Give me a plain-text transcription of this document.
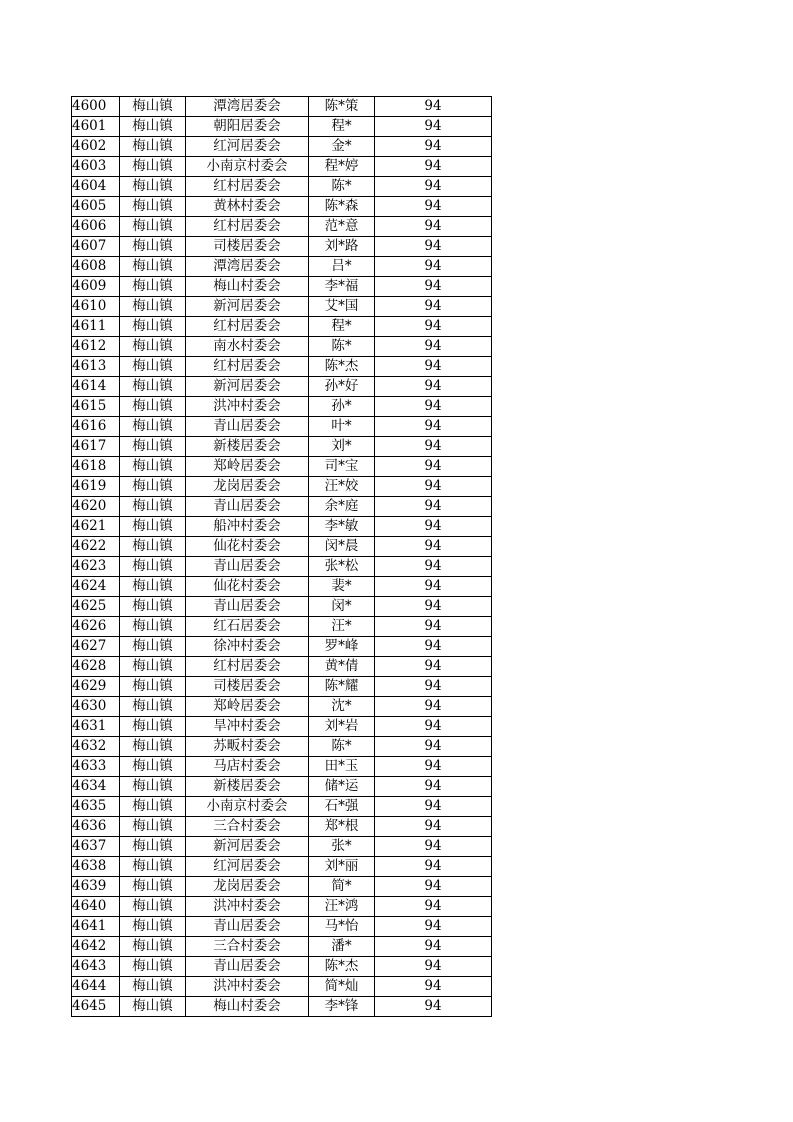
4600	梅山镇	潭湾居委会	陈*策	94
4601	梅山镇	朝阳居委会	程*	94
4602	梅山镇	红河居委会	金*	94
4603	梅山镇	小南京村委会	程*婷	94
4604	梅山镇	红村居委会	陈*	94
4605	梅山镇	黄林村委会	陈*森	94
4606	梅山镇	红村居委会	范*意	94
4607	梅山镇	司楼居委会	刘*路	94
4608	梅山镇	潭湾居委会	吕*	94
4609	梅山镇	梅山村委会	李*福	94
4610	梅山镇	新河居委会	艾*国	94
4611	梅山镇	红村居委会	程*	94
4612	梅山镇	南水村委会	陈*	94
4613	梅山镇	红村居委会	陈*杰	94
4614	梅山镇	新河居委会	孙*好	94
4615	梅山镇	洪冲村委会	孙*	94
4616	梅山镇	青山居委会	叶*	94
4617	梅山镇	新楼居委会	刘*	94
4618	梅山镇	郑岭居委会	司*宝	94
4619	梅山镇	龙岗居委会	汪*姣	94
4620	梅山镇	青山居委会	余*庭	94
4621	梅山镇	船冲村委会	李*敏	94
4622	梅山镇	仙花村委会	闵*晨	94
4623	梅山镇	青山居委会	张*松	94
4624	梅山镇	仙花村委会	裴*	94
4625	梅山镇	青山居委会	闵*	94
4626	梅山镇	红石居委会	汪*	94
4627	梅山镇	徐冲村委会	罗*峰	94
4628	梅山镇	红村居委会	黄*倩	94
4629	梅山镇	司楼居委会	陈*耀	94
4630	梅山镇	郑岭居委会	沈*	94
4631	梅山镇	旱冲村委会	刘*岩	94
4632	梅山镇	苏畈村委会	陈*	94
4633	梅山镇	马店村委会	田*玉	94
4634	梅山镇	新楼居委会	储*运	94
4635	梅山镇	小南京村委会	石*强	94
4636	梅山镇	三合村委会	郑*根	94
4637	梅山镇	新河居委会	张*	94
4638	梅山镇	红河居委会	刘*丽	94
4639	梅山镇	龙岗居委会	简*	94
4640	梅山镇	洪冲村委会	汪*鸿	94
4641	梅山镇	青山居委会	马*怡	94
4642	梅山镇	三合村委会	潘*	94
4643	梅山镇	青山居委会	陈*杰	94
4644	梅山镇	洪冲村委会	简*灿	94
4645	梅山镇	梅山村委会	李*锋	94
